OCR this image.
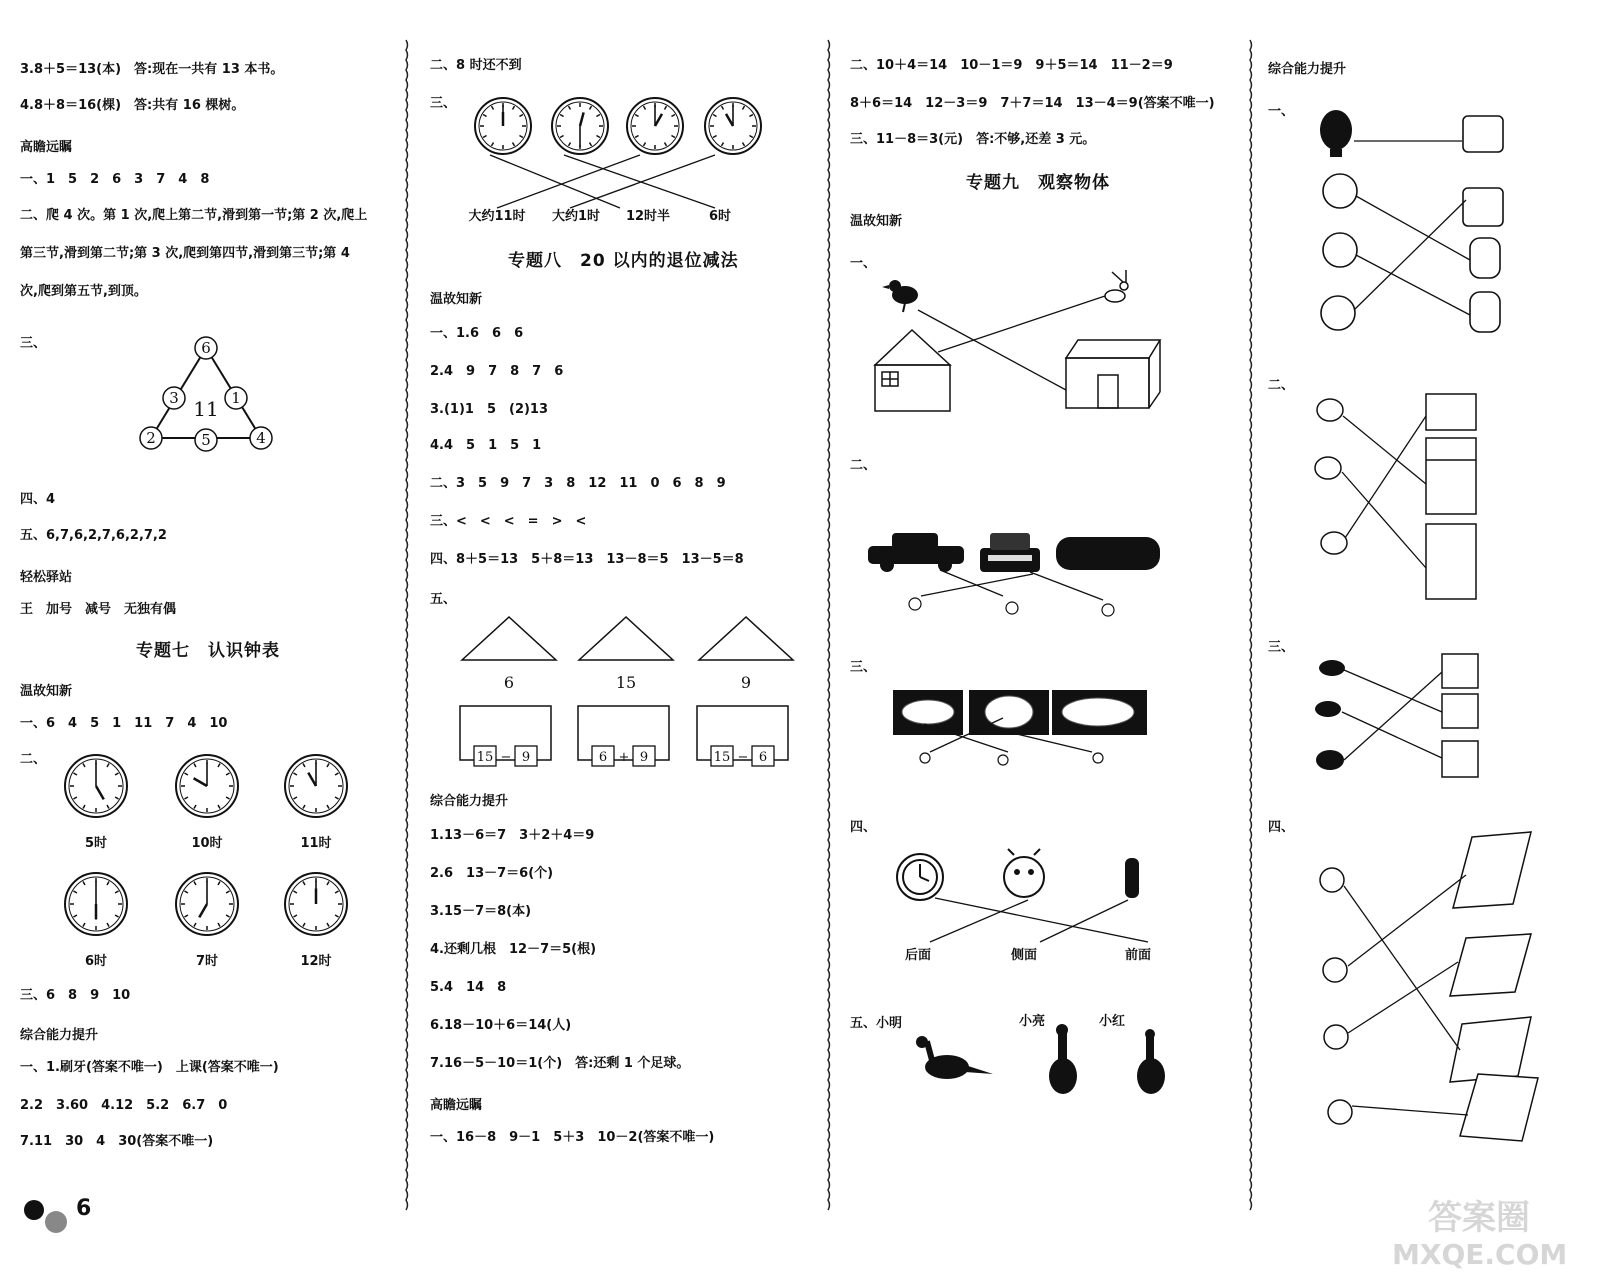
3.8＋5＝13(本)　答:现在一共有 13 本书。
4.8＋8＝16(棵)　答:共有 16 棵树。
高瞻远瞩
一、1　5　2　6　3　7　4　8
二、爬 4 次。第 1 次,爬上第二节,滑到第一节;第 2 次,爬上
第三节,滑到第二节;第 3 次,爬到第四节,滑到第三节;第 4
次,爬到第五节,到顶。
三、	6
3	1
2	5	4
11
四、4
五、6,7,6,2,7,6,2,7,2
轻松驿站
王　加号　减号　无独有偶
专题七　认识钟表
温故知新
一、6　4　5　1　11　7　4　10
二、
5时	10时	11时
6时	7时	12时
三、6　8　9　10
综合能力提升
一、1.刷牙(答案不唯一)　上课(答案不唯一)
2.2　3.60　4.12　5.2　6.7　0
7.11　30　4　30(答案不唯一)
6
二、8 时还不到
三、
大约11时	大约1时	12时半	6时
专题八　20 以内的退位减法
温故知新
一、1.6　6　6
2.4　9　7　8　7　6
3.(1)1　5　(2)13
4.4　5　1　5　1
二、3　5　9　7　3　8　12　11　0　6　8　9
三、<　<　<　=　>　<
四、8＋5＝13　5＋8＝13　13－8＝5　13－5＝8
五、
6	15	9
15 − 9	6 + 9	15 − 6
综合能力提升
1.13－6＝7　3＋2＋4＝9
2.6　13－7＝6(个)
3.15－7＝8(本)
4.还剩几根　12－7＝5(根)
5.4　14　8
6.18－10＋6＝14(人)
7.16－5－10＝1(个)　答:还剩 1 个足球。
高瞻远瞩
一、16－8　9－1　5＋3　10－2(答案不唯一)
二、10＋4＝14　10－1＝9　9＋5＝14　11－2＝9
8＋6＝14　12－3＝9　7＋7＝14　13－4＝9(答案不唯一)
三、11－8＝3(元)　答:不够,还差 3 元。
专题九　观察物体
温故知新
一、
二、
三、
四、
后面	侧面	前面
五、小明	小亮	小红
综合能力提升
一、
二、
三、
四、
答案圈
MXQE.COM
